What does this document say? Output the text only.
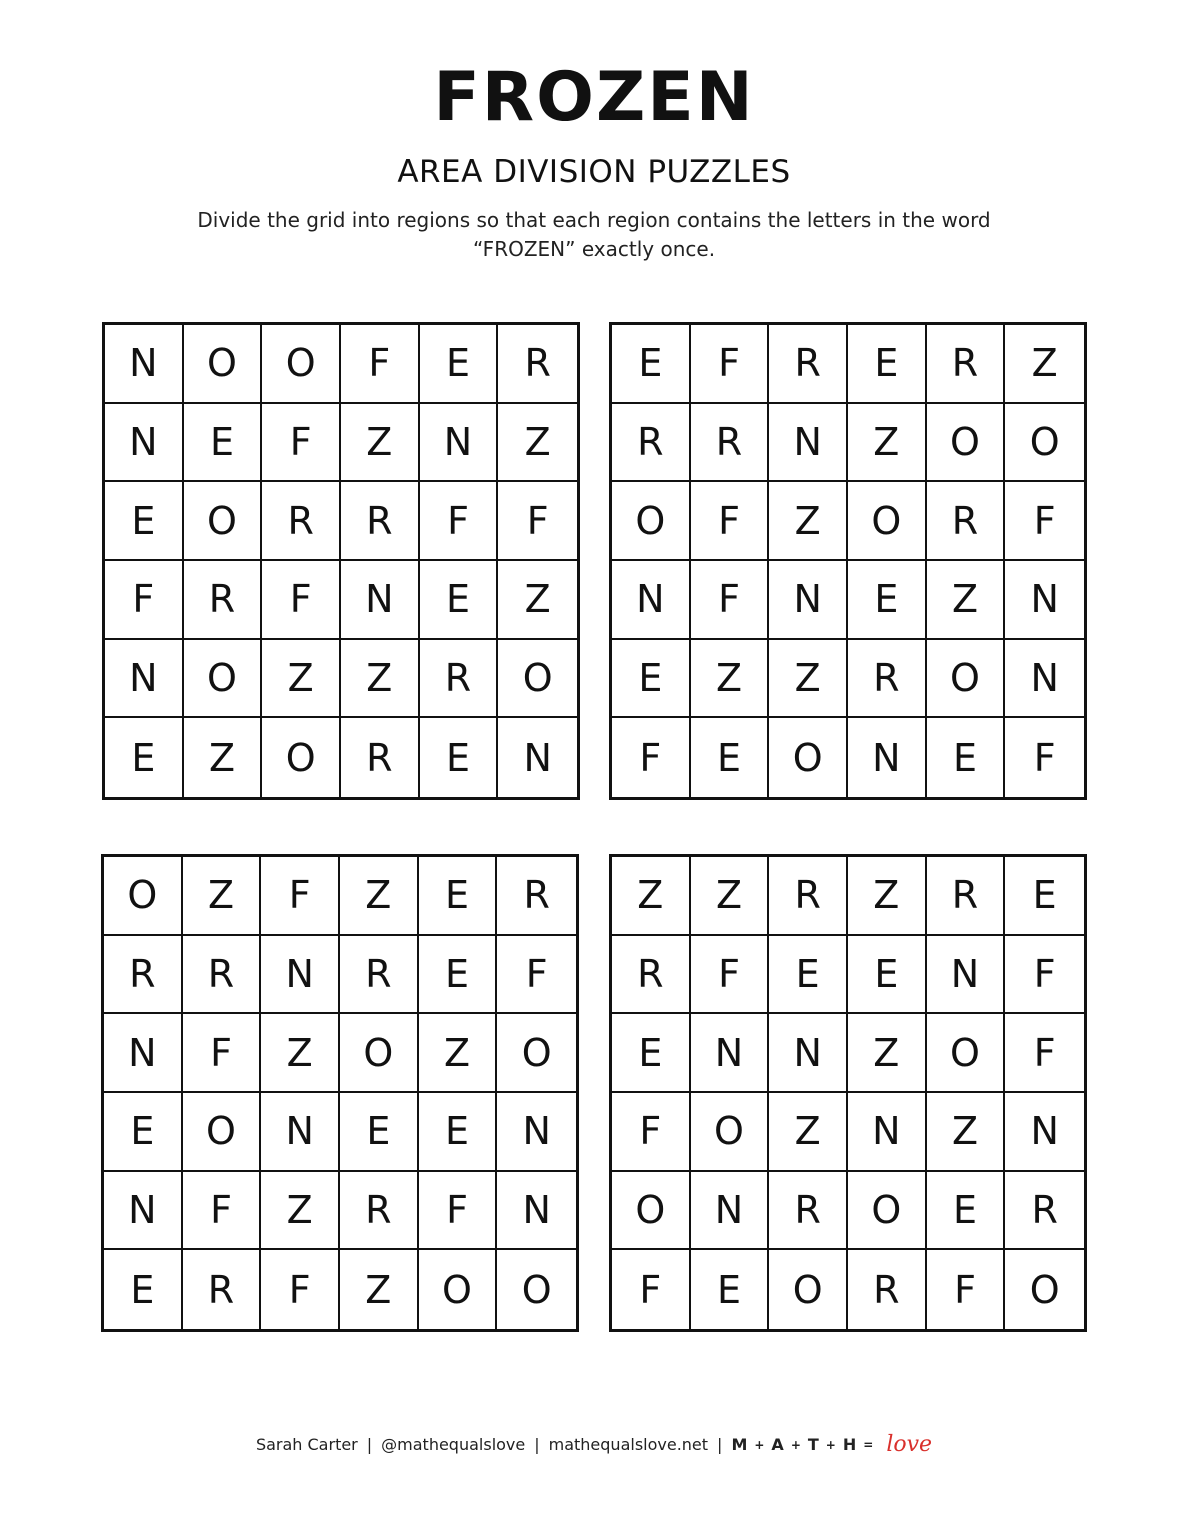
FROZEN
AREA DIVISION PUZZLES
Divide the grid into regions so that each region contains the letters in the word “FROZEN” exactly once.
N	O	O	F	E	R
N	E	F	Z	N	Z
E	O	R	R	F	F
F	R	F	N	E	Z
N	O	Z	Z	R	O
E	Z	O	R	E	N
E	F	R	E	R	Z
R	R	N	Z	O	O
O	F	Z	O	R	F
N	F	N	E	Z	N
E	Z	Z	R	O	N
F	E	O	N	E	F
O	Z	F	Z	E	R
R	R	N	R	E	F
N	F	Z	O	Z	O
E	O	N	E	E	N
N	F	Z	R	F	N
E	R	F	Z	O	O
Z	Z	R	Z	R	E
R	F	E	E	N	F
E	N	N	Z	O	F
F	O	Z	N	Z	N
O	N	R	O	E	R
F	E	O	R	F	O
Sarah Carter | @mathequalslove | mathequalslove.net | M + A + T + H = love
